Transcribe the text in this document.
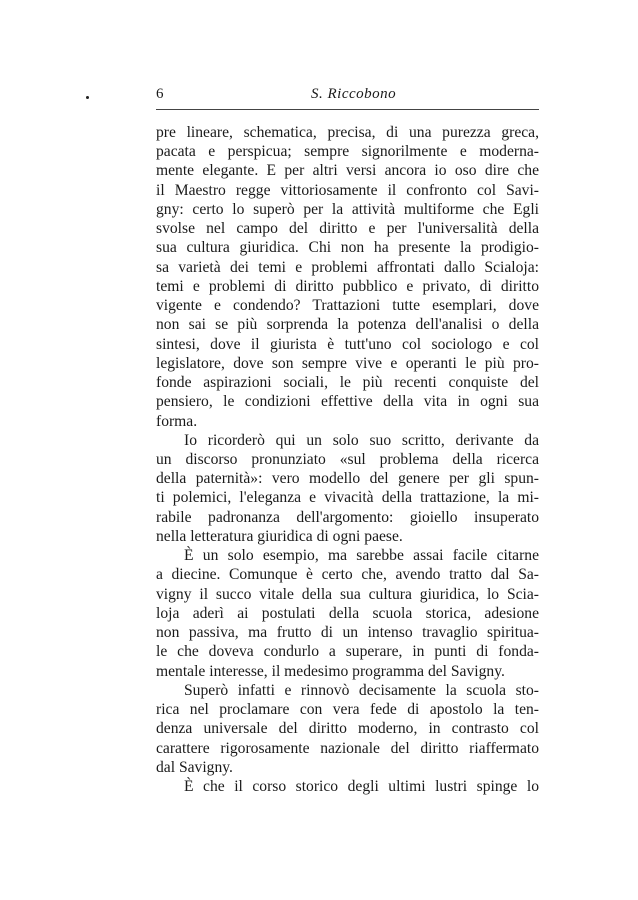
6	S. Riccobono
pre lineare, schematica, precisa, di una purezza greca,
pacata e perspicua; sempre signorilmente e moderna-
mente elegante. E per altri versi ancora io oso dire che
il Maestro regge vittoriosamente il confronto col Savi-
gny: certo lo superò per la attività multiforme che Egli
svolse nel campo del diritto e per l'universalità della
sua cultura giuridica. Chi non ha presente la prodigio-
sa varietà dei temi e problemi affrontati dallo Scialoja:
temi e problemi di diritto pubblico e privato, di diritto
vigente e condendo? Trattazioni tutte esemplari, dove
non sai se più sorprenda la potenza dell'analisi o della
sintesi, dove il giurista è tutt'uno col sociologo e col
legislatore, dove son sempre vive e operanti le più pro-
fonde aspirazioni sociali, le più recenti conquiste del
pensiero, le condizioni effettive della vita in ogni sua
forma.
Io ricorderò qui un solo suo scritto, derivante da
un discorso pronunziato «sul problema della ricerca
della paternità»: vero modello del genere per gli spun-
ti polemici, l'eleganza e vivacità della trattazione, la mi-
rabile padronanza dell'argomento: gioiello insuperato
nella letteratura giuridica di ogni paese.
È un solo esempio, ma sarebbe assai facile citarne
a diecine. Comunque è certo che, avendo tratto dal Sa-
vigny il succo vitale della sua cultura giuridica, lo Scia-
loja aderì ai postulati della scuola storica, adesione
non passiva, ma frutto di un intenso travaglio spiritua-
le che doveva condurlo a superare, in punti di fonda-
mentale interesse, il medesimo programma del Savigny.
Superò infatti e rinnovò decisamente la scuola sto-
rica nel proclamare con vera fede di apostolo la ten-
denza universale del diritto moderno, in contrasto col
carattere rigorosamente nazionale del diritto riaffermato
dal Savigny.
È che il corso storico degli ultimi lustri spinge lo
